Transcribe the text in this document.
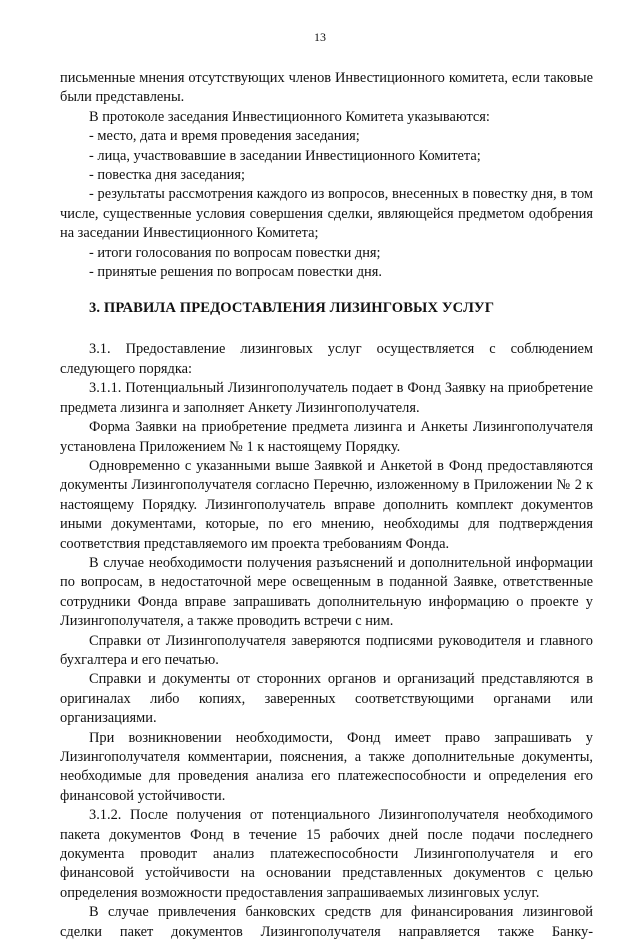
13

письменные мнения отсутствующих членов Инвестиционного комитета, если таковые были представлены.

В протоколе заседания Инвестиционного Комитета указываются:

- место, дата и время проведения заседания;

- лица, участвовавшие в заседании Инвестиционного Комитета;

- повестка дня заседания;

- результаты рассмотрения каждого из вопросов, внесенных в повестку дня, в том числе, существенные условия совершения сделки, являющейся предметом одобрения на заседании Инвестиционного Комитета;

- итоги голосования по вопросам повестки дня;

- принятые решения по вопросам повестки дня.

3. ПРАВИЛА ПРЕДОСТАВЛЕНИЯ ЛИЗИНГОВЫХ УСЛУГ

3.1. Предоставление лизинговых услуг осуществляется с соблюдением следующего порядка:

3.1.1. Потенциальный Лизингополучатель подает в Фонд Заявку на приобретение предмета лизинга и заполняет Анкету Лизингополучателя.

Форма Заявки на приобретение предмета лизинга и Анкеты Лизингополучателя установлена Приложением № 1 к настоящему Порядку.

Одновременно с указанными выше Заявкой и Анкетой в Фонд предоставляются документы Лизингополучателя согласно Перечню, изложенному в Приложении № 2 к настоящему Порядку. Лизингополучатель вправе дополнить комплект документов иными документами, которые, по его мнению, необходимы для подтверждения соответствия представляемого им проекта требованиям Фонда.

В случае необходимости получения разъяснений и дополнительной информации по вопросам, в недостаточной мере освещенным в поданной Заявке, ответственные сотрудники Фонда вправе запрашивать дополнительную информацию о проекте у Лизингополучателя, а также проводить встречи с ним.

Справки от Лизингополучателя заверяются подписями руководителя и главного бухгалтера и его печатью.

Справки и документы от сторонних органов и организаций представляются в оригиналах либо копиях, заверенных соответствующими органами или организациями.

При возникновении необходимости, Фонд имеет право запрашивать у Лизингополучателя комментарии, пояснения, а также дополнительные документы, необходимые для проведения анализа его платежеспособности и определения его финансовой устойчивости.

3.1.2. После получения от потенциального Лизингополучателя необходимого пакета документов Фонд в течение 15 рабочих дней после подачи последнего документа проводит анализ платежеспособности Лизингополучателя и его финансовой устойчивости на основании представленных документов с целью определения возможности предоставления запрашиваемых лизинговых услуг.

В случае привлечения банковских средств для финансирования лизинговой сделки пакет документов Лизингополучателя направляется также Банку-
